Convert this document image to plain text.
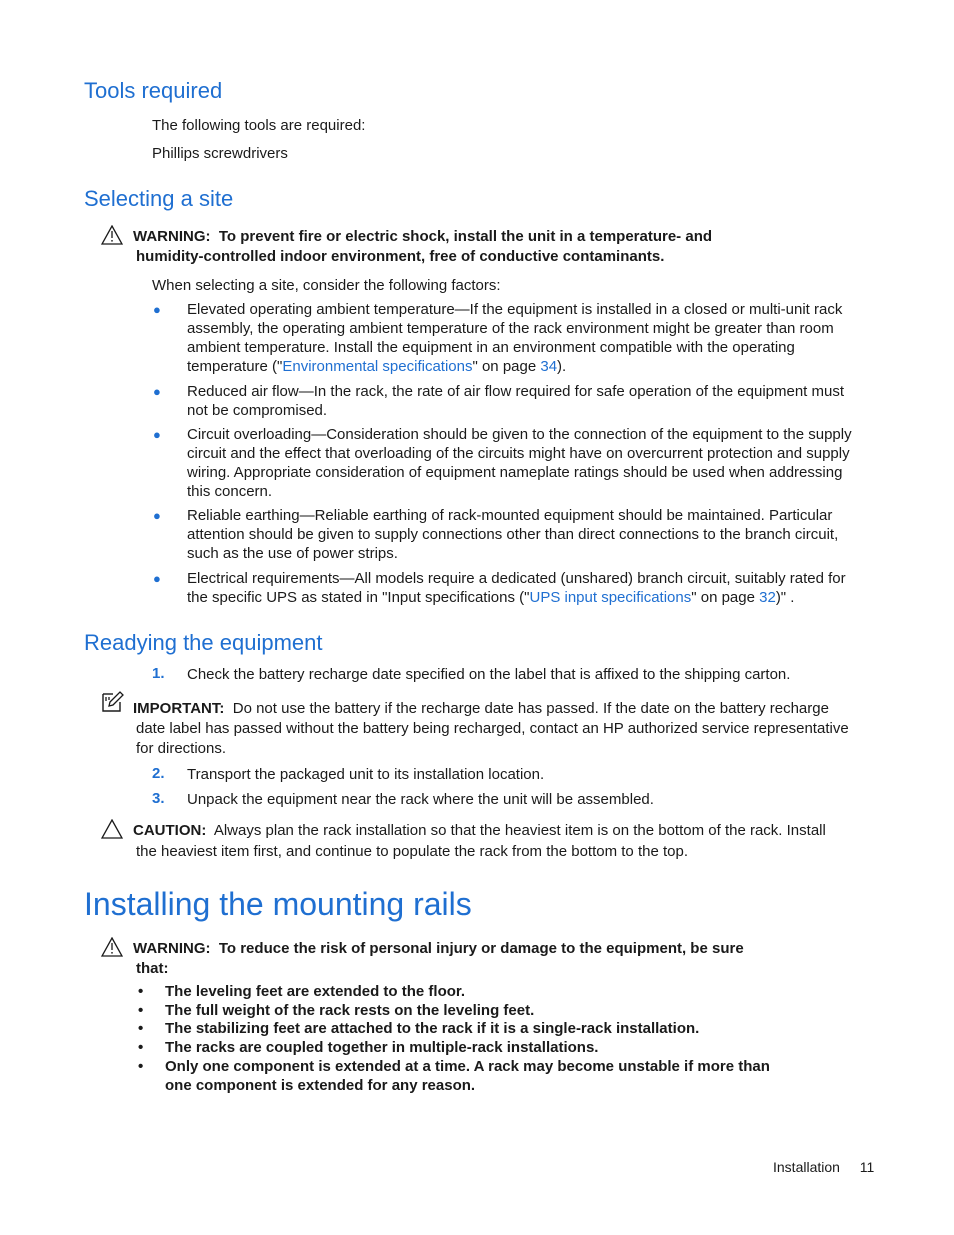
Tools required
The following tools are required:
Phillips screwdrivers
Selecting a site
WARNING: To prevent fire or electric shock, install the unit in a temperature- and
humidity-controlled indoor environment, free of conductive contaminants.
When selecting a site, consider the following factors:
● Elevated operating ambient temperature—If the equipment is installed in a closed or multi-unit rack
assembly, the operating ambient temperature of the rack environment might be greater than room
ambient temperature. Install the equipment in an environment compatible with the operating
temperature ("Environmental specifications" on page 34).
● Reduced air flow—In the rack, the rate of air flow required for safe operation of the equipment must
not be compromised.
● Circuit overloading—Consideration should be given to the connection of the equipment to the supply
circuit and the effect that overloading of the circuits might have on overcurrent protection and supply
wiring. Appropriate consideration of equipment nameplate ratings should be used when addressing
this concern.
● Reliable earthing—Reliable earthing of rack-mounted equipment should be maintained. Particular
attention should be given to supply connections other than direct connections to the branch circuit,
such as the use of power strips.
● Electrical requirements—All models require a dedicated (unshared) branch circuit, suitably rated for
the specific UPS as stated in "Input specifications ("UPS input specifications" on page 32)" .
Readying the equipment
1. Check the battery recharge date specified on the label that is affixed to the shipping carton.
IMPORTANT: Do not use the battery if the recharge date has passed. If the date on the battery recharge
date label has passed without the battery being recharged, contact an HP authorized service representative
for directions.
2. Transport the packaged unit to its installation location.
3. Unpack the equipment near the rack where the unit will be assembled.
CAUTION: Always plan the rack installation so that the heaviest item is on the bottom of the rack. Install
the heaviest item first, and continue to populate the rack from the bottom to the top.
Installing the mounting rails
WARNING: To reduce the risk of personal injury or damage to the equipment, be sure
that:
• The leveling feet are extended to the floor.
• The full weight of the rack rests on the leveling feet.
• The stabilizing feet are attached to the rack if it is a single-rack installation.
• The racks are coupled together in multiple-rack installations.
• Only one component is extended at a time. A rack may become unstable if more than
one component is extended for any reason.
Installation 11
